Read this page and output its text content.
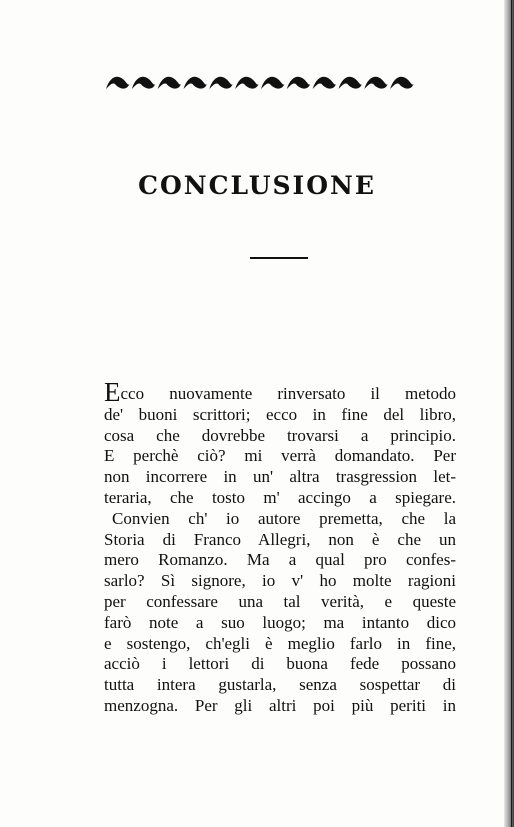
CONCLUSIONE
Ecco nuovamente rinversato il metodo
de' buoni scrittori; ecco in fine del libro,
cosa che dovrebbe trovarsi a principio.
E perchè ciò? mi verrà domandato. Per
non incorrere in un' altra trasgression let-
teraria, che tosto m' accingo a spiegare.
Convien ch' io autore premetta, che la
Storia di Franco Allegri, non è che un
mero Romanzo. Ma a qual pro confes-
sarlo? Sì signore, io v' ho molte ragioni
per confessare una tal verità, e queste
farò note a suo luogo; ma intanto dico
e sostengo, ch'egli è meglio farlo in fine,
acciò i lettori di buona fede possano
tutta intera gustarla, senza sospettar di
menzogna. Per gli altri poi più periti in
